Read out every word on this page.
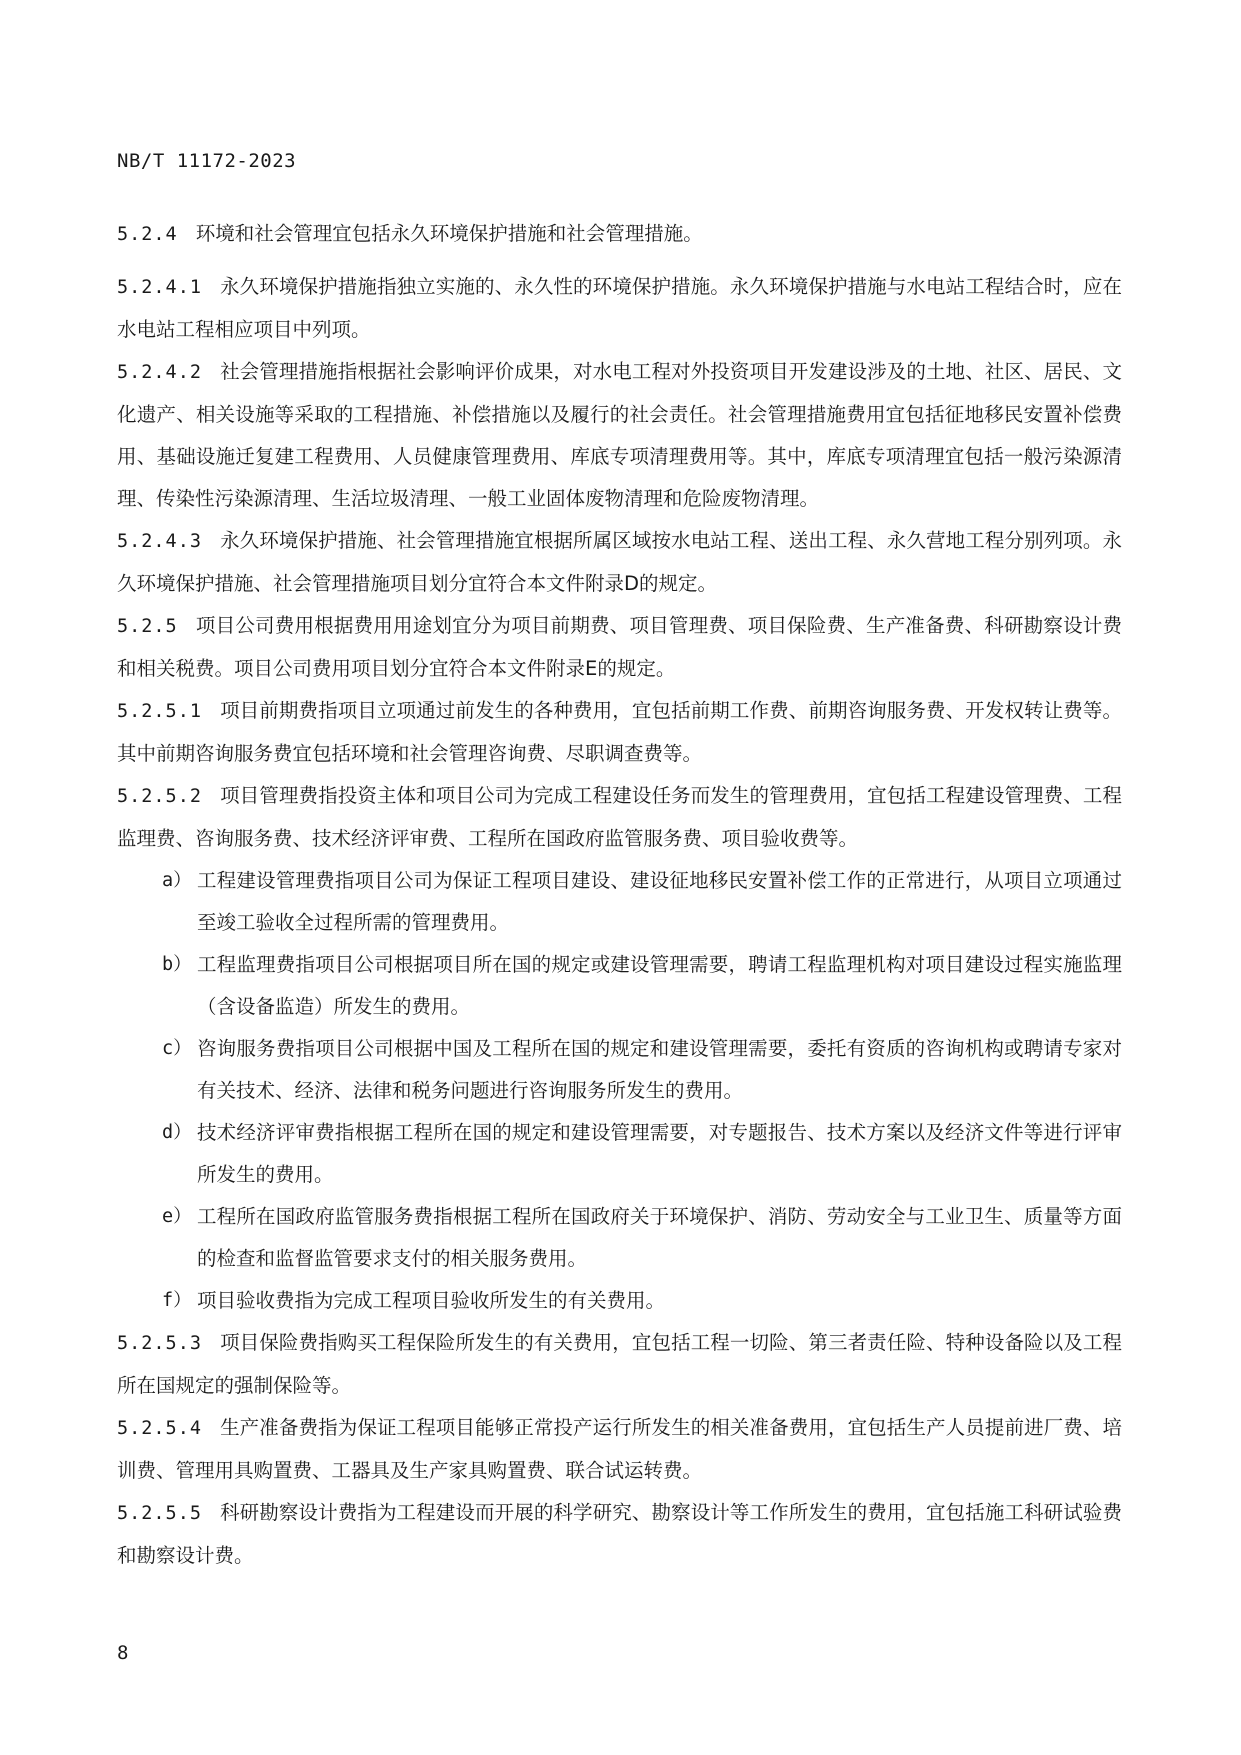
NB/T 11172-2023

5.2.4 环境和社会管理宜包括永久环境保护措施和社会管理措施。

5.2.4.1 永久环境保护措施指独立实施的、永久性的环境保护措施。永久环境保护措施与水电站工程结合时，应在水电站工程相应项目中列项。

5.2.4.2 社会管理措施指根据社会影响评价成果，对水电工程对外投资项目开发建设涉及的土地、社区、居民、文化遗产、相关设施等采取的工程措施、补偿措施以及履行的社会责任。社会管理措施费用宜包括征地移民安置补偿费用、基础设施迁复建工程费用、人员健康管理费用、库底专项清理费用等。其中，库底专项清理宜包括一般污染源清理、传染性污染源清理、生活垃圾清理、一般工业固体废物清理和危险废物清理。

5.2.4.3 永久环境保护措施、社会管理措施宜根据所属区域按水电站工程、送出工程、永久营地工程分别列项。永久环境保护措施、社会管理措施项目划分宜符合本文件附录D的规定。

5.2.5 项目公司费用根据费用用途划宜分为项目前期费、项目管理费、项目保险费、生产准备费、科研勘察设计费和相关税费。项目公司费用项目划分宜符合本文件附录E的规定。

5.2.5.1 项目前期费指项目立项通过前发生的各种费用，宜包括前期工作费、前期咨询服务费、开发权转让费等。其中前期咨询服务费宜包括环境和社会管理咨询费、尽职调查费等。

5.2.5.2 项目管理费指投资主体和项目公司为完成工程建设任务而发生的管理费用，宜包括工程建设管理费、工程监理费、咨询服务费、技术经济评审费、工程所在国政府监管服务费、项目验收费等。

a） 工程建设管理费指项目公司为保证工程项目建设、建设征地移民安置补偿工作的正常进行，从项目立项通过至竣工验收全过程所需的管理费用。
b） 工程监理费指项目公司根据项目所在国的规定或建设管理需要，聘请工程监理机构对项目建设过程实施监理（含设备监造）所发生的费用。
c） 咨询服务费指项目公司根据中国及工程所在国的规定和建设管理需要，委托有资质的咨询机构或聘请专家对有关技术、经济、法律和税务问题进行咨询服务所发生的费用。
d） 技术经济评审费指根据工程所在国的规定和建设管理需要，对专题报告、技术方案以及经济文件等进行评审所发生的费用。
e） 工程所在国政府监管服务费指根据工程所在国政府关于环境保护、消防、劳动安全与工业卫生、质量等方面的检查和监督监管要求支付的相关服务费用。
f） 项目验收费指为完成工程项目验收所发生的有关费用。

5.2.5.3 项目保险费指购买工程保险所发生的有关费用，宜包括工程一切险、第三者责任险、特种设备险以及工程所在国规定的强制保险等。

5.2.5.4 生产准备费指为保证工程项目能够正常投产运行所发生的相关准备费用，宜包括生产人员提前进厂费、培训费、管理用具购置费、工器具及生产家具购置费、联合试运转费。

5.2.5.5 科研勘察设计费指为工程建设而开展的科学研究、勘察设计等工作所发生的费用，宜包括施工科研试验费和勘察设计费。

8
